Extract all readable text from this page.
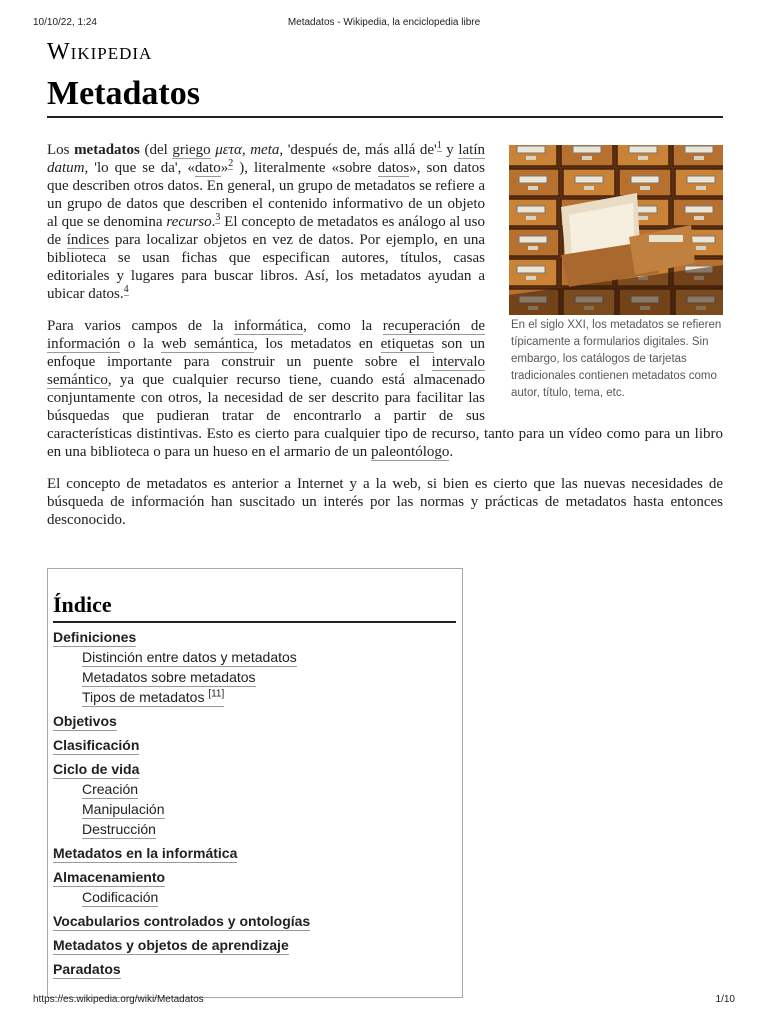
10/10/22, 1:24	Metadatos - Wikipedia, la enciclopedia libre
Wikipedia
Metadatos
En el siglo XXI, los metadatos se refieren típicamente a formularios digitales. Sin embargo, los catálogos de tarjetas tradicionales contienen metadatos como autor, título, tema, etc.

Los metadatos (del griego μετα, meta, 'después de, más allá $de'^1$ y latín datum, 'lo que se da', «dato»$^2$ ), literalmente «sobre datos», son datos que describen otros datos. En general, un grupo de metadatos se refiere a un grupo de datos que describen el contenido informativo de un objeto al que se denomina recurso.$^3$ El concepto de metadatos es análogo al uso de índices para localizar objetos en vez de datos. Por ejemplo, en una biblioteca se usan fichas que especifican autores, títulos, casas editoriales y lugares para buscar libros. Así, los metadatos ayudan a ubicar datos.$^4$

Para varios campos de la informática, como la recuperación de información o la web semántica, los metadatos en etiquetas son un enfoque importante para construir un puente sobre el intervalo semántico, ya que cualquier recurso tiene, cuando está almacenado conjuntamente con otros, la necesidad de ser descrito para facilitar las búsquedas que pudieran tratar de encontrarlo a partir de sus características distintivas. Esto es cierto para cualquier tipo de recurso, tanto para un vídeo como para un libro en una biblioteca o para un hueso en el armario de un paleontólogo.

El concepto de metadatos es anterior a Internet y a la web, si bien es cierto que las nuevas necesidades de búsqueda de información han suscitado un interés por las normas y prácticas de metadatos hasta entonces desconocido.

Índice
Definiciones
Distinción entre datos y metadatos
Metadatos sobre metadatos
Tipos de metadatos [11]
Objetivos
Clasificación
Ciclo de vida
Creación
Manipulación
Destrucción
Metadatos en la informática
Almacenamiento
Codificación
Vocabularios controlados y ontologías
Metadatos y objetos de aprendizaje
Paradatos
https://es.wikipedia.org/wiki/Metadatos	1/10
